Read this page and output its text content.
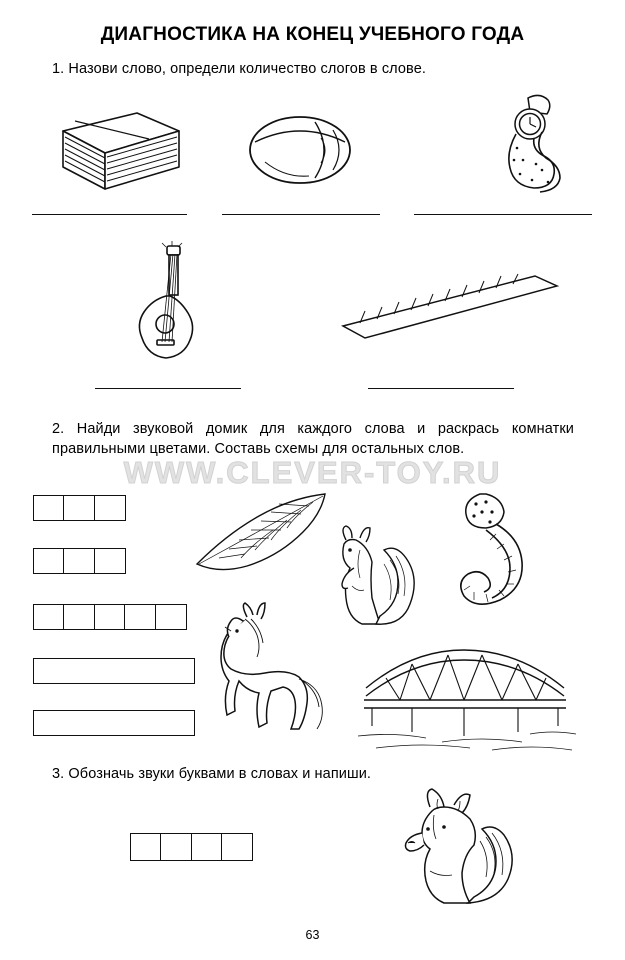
ДИАГНОСТИКА НА КОНЕЦ УЧЕБНОГО ГОДА
1. Назови слово, определи количество слогов в слове.
2. Найди звуковой домик для каждого слова и раскрась комнатки правильными цветами. Составь схемы для остальных слов.
WWW.CLEVER-TOY.RU
3. Обозначь звуки буквами в словах и напиши.
63
